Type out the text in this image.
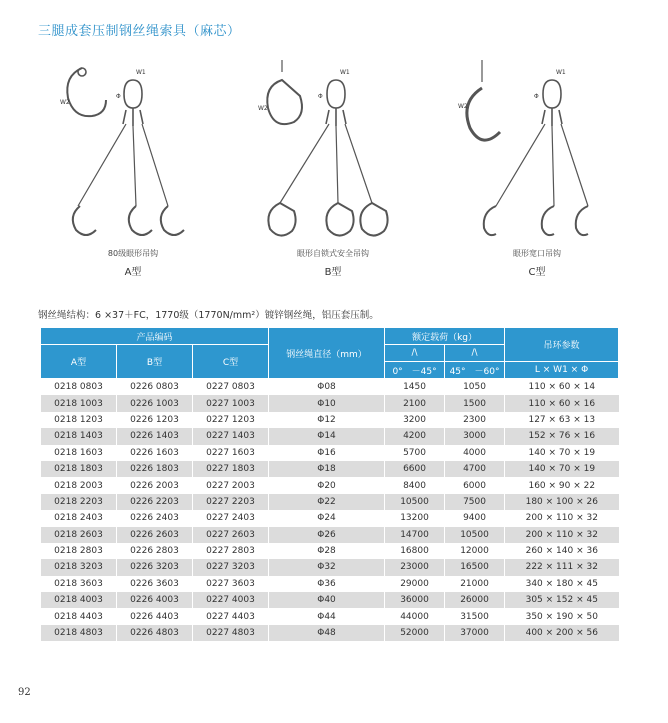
三腿成套压制钢丝绳索具（麻芯）
W1
W2
Φ
80级眼形吊钩
A型
W1
W2
Φ
眼形自锁式安全吊钩
B型
W1
W2
Φ
眼形宽口吊钩
C型
钢丝绳结构：6 ×37＋FC，1770级（1770N/mm²）镀锌钢丝绳，铝压套压制。
产品编码			钢丝绳直径（mm）	额定载荷（kg）		吊环参数
A型	B型	C型		/\	/\	
				0°　－45°	45°　－60°	L × W1 × Φ
0218 0803	0226 0803	0227 0803	Φ08	1450	1050	110 × 60 × 14
0218 1003	0226 1003	0227 1003	Φ10	2100	1500	110 × 60 × 16
0218 1203	0226 1203	0227 1203	Φ12	3200	2300	127 × 63 × 13
0218 1403	0226 1403	0227 1403	Φ14	4200	3000	152 × 76 × 16
0218 1603	0226 1603	0227 1603	Φ16	5700	4000	140 × 70 × 19
0218 1803	0226 1803	0227 1803	Φ18	6600	4700	140 × 70 × 19
0218 2003	0226 2003	0227 2003	Φ20	8400	6000	160 × 90 × 22
0218 2203	0226 2203	0227 2203	Φ22	10500	7500	180 × 100 × 26
0218 2403	0226 2403	0227 2403	Φ24	13200	9400	200 × 110 × 32
0218 2603	0226 2603	0227 2603	Φ26	14700	10500	200 × 110 × 32
0218 2803	0226 2803	0227 2803	Φ28	16800	12000	260 × 140 × 36
0218 3203	0226 3203	0227 3203	Φ32	23000	16500	222 × 111 × 32
0218 3603	0226 3603	0227 3603	Φ36	29000	21000	340 × 180 × 45
0218 4003	0226 4003	0227 4003	Φ40	36000	26000	305 × 152 × 45
0218 4403	0226 4403	0227 4403	Φ44	44000	31500	350 × 190 × 50
0218 4803	0226 4803	0227 4803	Φ48	52000	37000	400 × 200 × 56
92
